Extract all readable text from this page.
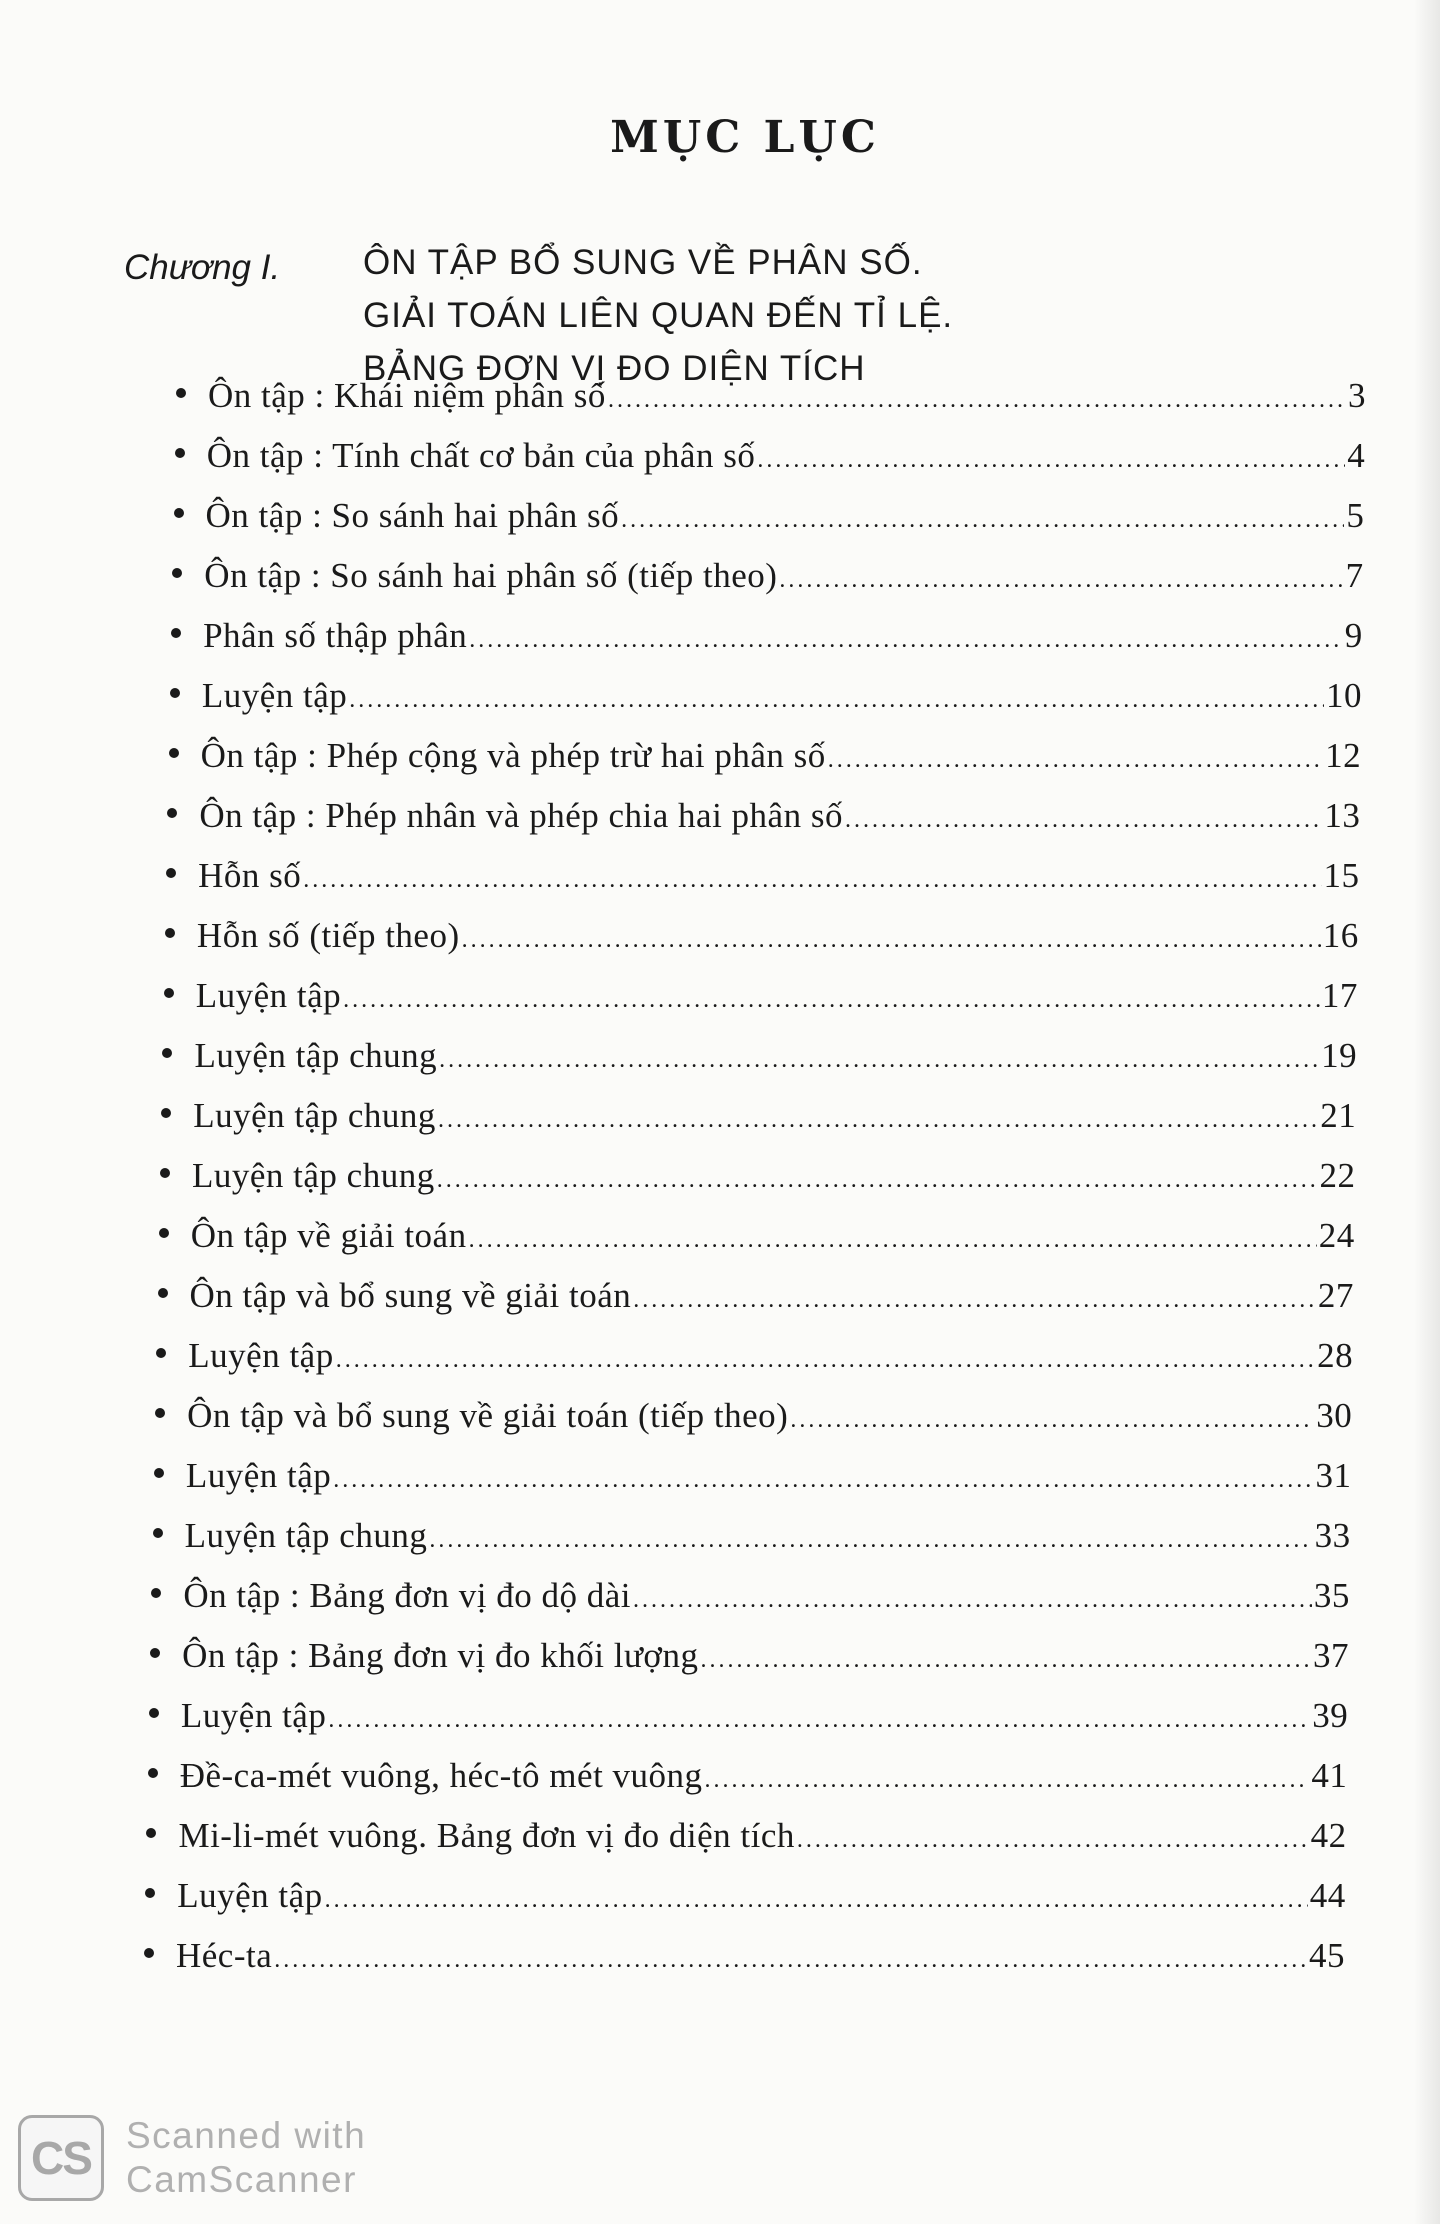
MỤC LỤC
Chương I. ÔN TẬP BỔ SUNG VỀ PHÂN SỐ.
GIẢI TOÁN LIÊN QUAN ĐẾN TỈ LỆ.
BẢNG ĐƠN VỊ ĐO DIỆN TÍCH
Ôn tập : Khái niệm phân số .....	3
Ôn tập : Tính chất cơ bản của phân số .....	4
Ôn tập : So sánh hai phân số .....	5
Ôn tập : So sánh hai phân số (tiếp theo) .....	7
Phân số thập phân .....	9
Luyện tập .....	10
Ôn tập : Phép cộng và phép trừ hai phân số .....	12
Ôn tập : Phép nhân và phép chia hai phân số .....	13
Hỗn số .....	15
Hỗn số (tiếp theo) .....	16
Luyện tập .....	17
Luyện tập chung .....	19
Luyện tập chung .....	21
Luyện tập chung .....	22
Ôn tập về giải toán .....	24
Ôn tập và bổ sung về giải toán .....	27
Luyện tập .....	28
Ôn tập và bổ sung về giải toán (tiếp theo) .....	30
Luyện tập .....	31
Luyện tập chung .....	33
Ôn tập : Bảng đơn vị đo dộ dài .....	35
Ôn tập : Bảng đơn vị đo khối lượng .....	37
Luyện tập .....	39
Đề-ca-mét vuông, héc-tô mét vuông .....	41
Mi-li-mét vuông. Bảng đơn vị đo diện tích .....	42
Luyện tập .....	44
Héc-ta .....	45
CS Scanned with
CamScanner
